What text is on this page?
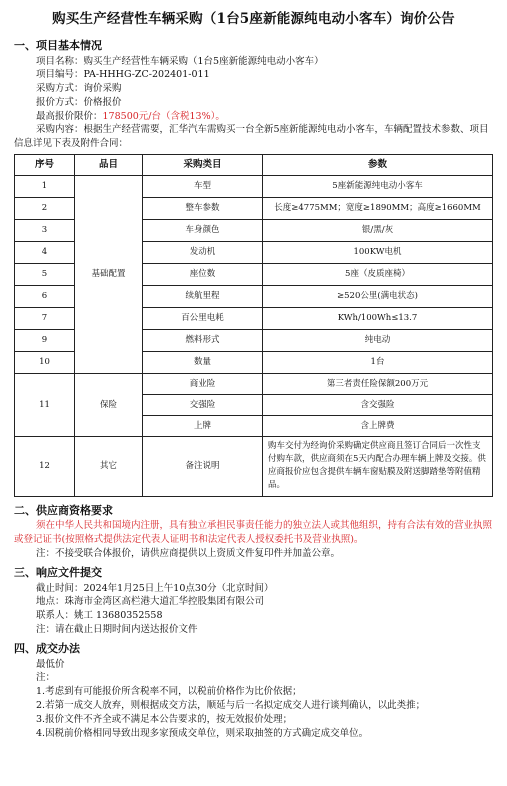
购买生产经营性车辆采购（1台5座新能源纯电动小客车）询价公告
一、项目基本情况
项目名称：购买生产经营性车辆采购（1台5座新能源纯电动小客车）
项目编号：PA-HHHG-ZC-202401-011
采购方式：询价采购
报价方式：价格报价
最高报价限价：178500元/台（含税13%）。
采购内容：根据生产经营需要，汇华汽车需购买一台全新5座新能源纯电动小客车，车辆配置技术参数、项目信息详见下表及附件合同：
序号	品目	采购类目	参数
1	基础配置	车型	5座新能源纯电动小客车
2		整车参数	长度≥4775MM；宽度≥1890MM；高度≥1660MM
3		车身颜色	银/黑/灰
4		发动机	100KW电机
5		座位数	5座（皮质座椅）
6		续航里程	≥520公里(满电状态)
7		百公里电耗	KWh/100Wh≤13.7
9		燃料形式	纯电动
10		数量	1台
11	保险	商业险	第三者责任险保额200万元
		交强险	含交强险
		上牌	含上牌费
12	其它	备注说明	购车交付为经询价采购确定供应商且签订合同后一次性支付购车款，供应商须在5天内配合办理车辆上牌及交接。供应商报价应包含提供车辆车窗贴膜及附送脚踏垫等附值精品。
二、供应商资格要求
须在中华人民共和国境内注册，具有独立承担民事责任能力的独立法人或其他组织，持有合法有效的营业执照或登记证书(按照格式提供法定代表人证明书和法定代表人授权委托书及营业执照)。
注：不接受联合体报价，请供应商提供以上资质文件复印件并加盖公章。
三、响应文件提交
截止时间：2024年1月25日上午10点30分（北京时间）
地点：珠海市金湾区高栏港大道汇华控股集团有限公司
联系人：姚工 13680352558
注：请在截止日期时间内送达报价文件
四、成交办法
最低价
注：
1.考虑到有可能报价所含税率不同，以税前价格作为比价依据；
2.若第一成交人放弃，则根据成交方法，顺延与后一名拟定成交人进行谈判确认，以此类推；
3.报价文件不齐全或不满足本公告要求的，按无效报价处理；
4.因税前价格相同导致出现多家预成交单位，则采取抽签的方式确定成交单位。
